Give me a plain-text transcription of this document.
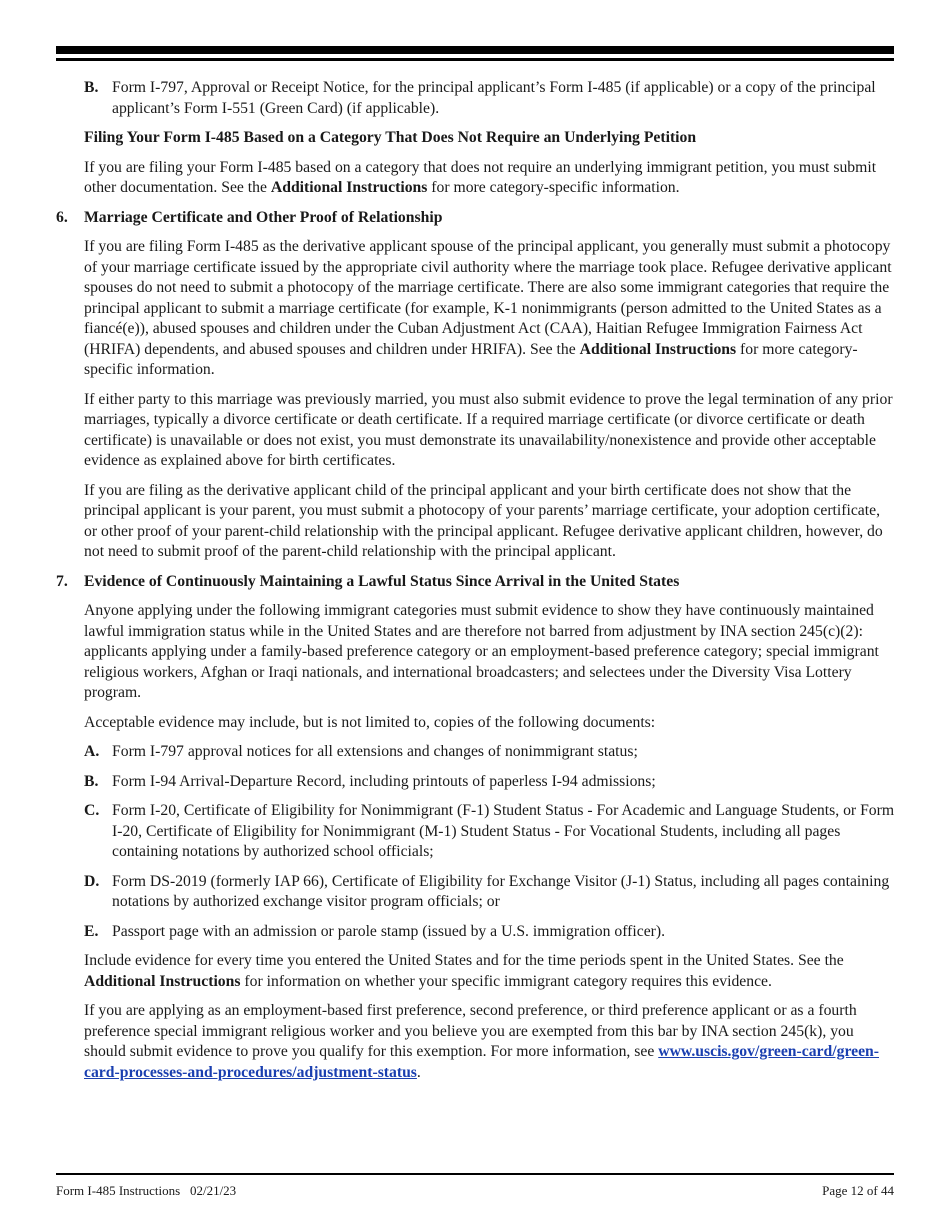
B. Form I-797, Approval or Receipt Notice, for the principal applicant’s Form I-485 (if applicable) or a copy of the principal applicant’s Form I-551 (Green Card) (if applicable).
Filing Your Form I-485 Based on a Category That Does Not Require an Underlying Petition
If you are filing your Form I-485 based on a category that does not require an underlying immigrant petition, you must submit other documentation. See the Additional Instructions for more category-specific information.
6. Marriage Certificate and Other Proof of Relationship
If you are filing Form I-485 as the derivative applicant spouse of the principal applicant, you generally must submit a photocopy of your marriage certificate issued by the appropriate civil authority where the marriage took place. Refugee derivative applicant spouses do not need to submit a photocopy of the marriage certificate. There are also some immigrant categories that require the principal applicant to submit a marriage certificate (for example, K-1 nonimmigrants (person admitted to the United States as a fiancé(e)), abused spouses and children under the Cuban Adjustment Act (CAA), Haitian Refugee Immigration Fairness Act (HRIFA) dependents, and abused spouses and children under HRIFA). See the Additional Instructions for more category-specific information.
If either party to this marriage was previously married, you must also submit evidence to prove the legal termination of any prior marriages, typically a divorce certificate or death certificate. If a required marriage certificate (or divorce certificate or death certificate) is unavailable or does not exist, you must demonstrate its unavailability/nonexistence and provide other acceptable evidence as explained above for birth certificates.
If you are filing as the derivative applicant child of the principal applicant and your birth certificate does not show that the principal applicant is your parent, you must submit a photocopy of your parents’ marriage certificate, your adoption certificate, or other proof of your parent-child relationship with the principal applicant. Refugee derivative applicant children, however, do not need to submit proof of the parent-child relationship with the principal applicant.
7. Evidence of Continuously Maintaining a Lawful Status Since Arrival in the United States
Anyone applying under the following immigrant categories must submit evidence to show they have continuously maintained lawful immigration status while in the United States and are therefore not barred from adjustment by INA section 245(c)(2): applicants applying under a family-based preference category or an employment-based preference category; special immigrant religious workers, Afghan or Iraqi nationals, and international broadcasters; and selectees under the Diversity Visa Lottery program.
Acceptable evidence may include, but is not limited to, copies of the following documents:
A. Form I-797 approval notices for all extensions and changes of nonimmigrant status;
B. Form I-94 Arrival-Departure Record, including printouts of paperless I-94 admissions;
C. Form I-20, Certificate of Eligibility for Nonimmigrant (F-1) Student Status - For Academic and Language Students, or Form I-20, Certificate of Eligibility for Nonimmigrant (M-1) Student Status - For Vocational Students, including all pages containing notations by authorized school officials;
D. Form DS-2019 (formerly IAP 66), Certificate of Eligibility for Exchange Visitor (J-1) Status, including all pages containing notations by authorized exchange visitor program officials; or
E. Passport page with an admission or parole stamp (issued by a U.S. immigration officer).
Include evidence for every time you entered the United States and for the time periods spent in the United States. See the Additional Instructions for information on whether your specific immigrant category requires this evidence.
If you are applying as an employment-based first preference, second preference, or third preference applicant or as a fourth preference special immigrant religious worker and you believe you are exempted from this bar by INA section 245(k), you should submit evidence to prove you qualify for this exemption. For more information, see www.uscis.gov/green-card/green-card-processes-and-procedures/adjustment-status.
Form I-485 Instructions   02/21/23	Page 12 of 44
